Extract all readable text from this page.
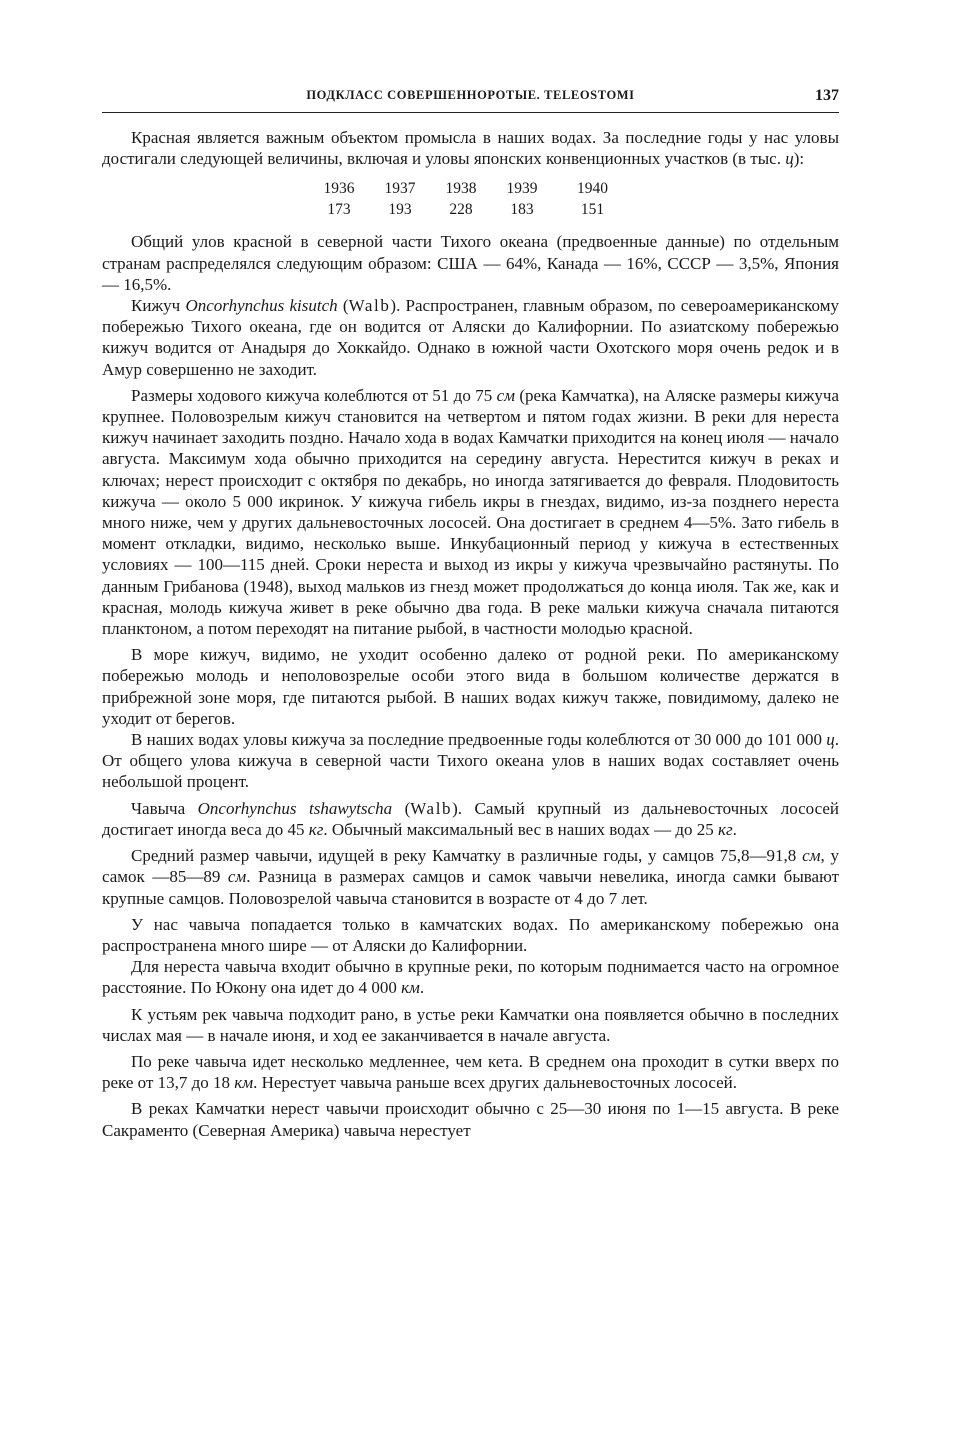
ПОДКЛАСС СОВЕРШЕННОРОТЫЕ. TELEOSTOMI	137

Красная является важным объектом промысла в наших водах. За последние годы у нас уловы достигали следующей величины, включая и уловы японских конвенционных участков (в тыс. ц):

1936	1937	1938	1939	1940
173	193	228	183	151

Общий улов красной в северной части Тихого океана (предвоенные данные) по отдельным странам распределялся следующим образом: США — 64%, Канада — 16%, СССР — 3,5%, Япония — 16,5%.

Кижуч Oncorhynchus kisutch (Walb). Распространен, главным образом, по североамериканскому побережью Тихого океана, где он водится от Аляски до Калифорнии. По азиатскому побережью кижуч водится от Анадыря до Хоккайдо. Однако в южной части Охотского моря очень редок и в Амур совершенно не заходит.

Размеры ходового кижуча колеблются от 51 до 75 см (река Камчатка), на Аляске размеры кижуча крупнее. Половозрелым кижуч становится на четвертом и пятом годах жизни. В реки для нереста кижуч начинает заходить поздно. Начало хода в водах Камчатки приходится на конец июля — начало августа. Максимум хода обычно приходится на середину августа. Нерестится кижуч в реках и ключах; нерест происходит с октября по декабрь, но иногда затягивается до февраля. Плодовитость кижуча — около 5 000 икринок. У кижуча гибель икры в гнездах, видимо, из-за позднего нереста много ниже, чем у других дальневосточных лососей. Она достигает в среднем 4—5%. Зато гибель в момент откладки, видимо, несколько выше. Инкубационный период у кижуча в естественных условиях — 100—115 дней. Сроки нереста и выход из икры у кижуча чрезвычайно растянуты. По данным Грибанова (1948), выход мальков из гнезд может продолжаться до конца июля. Так же, как и красная, молодь кижуча живет в реке обычно два года. В реке мальки кижуча сначала питаются планктоном, а потом переходят на питание рыбой, в частности молодью красной.

В море кижуч, видимо, не уходит особенно далеко от родной реки. По американскому побережью молодь и неполовозрелые особи этого вида в большом количестве держатся в прибрежной зоне моря, где питаются рыбой. В наших водах кижуч также, повидимому, далеко не уходит от берегов.

В наших водах уловы кижуча за последние предвоенные годы колеблются от 30 000 до 101 000 ц. От общего улова кижуча в северной части Тихого океана улов в наших водах составляет очень небольшой процент.

Чавыча Oncorhynchus tshawytscha (Walb). Самый крупный из дальневосточных лососей достигает иногда веса до 45 кг. Обычный максимальный вес в наших водах — до 25 кг.

Средний размер чавычи, идущей в реку Камчатку в различные годы, у самцов 75,8—91,8 см, у самок —85—89 см. Разница в размерах самцов и самок чавычи невелика, иногда самки бывают крупные самцов. Половозрелой чавыча становится в возрасте от 4 до 7 лет.

У нас чавыча попадается только в камчатских водах. По американскому побережью она распространена много шире — от Аляски до Калифорнии.

Для нереста чавыча входит обычно в крупные реки, по которым поднимается часто на огромное расстояние. По Юкону она идет до 4 000 км.

К устьям рек чавыча подходит рано, в устье реки Камчатки она появляется обычно в последних числах мая — в начале июня, и ход ее заканчивается в начале августа.

По реке чавыча идет несколько медленнее, чем кета. В среднем она проходит в сутки вверх по реке от 13,7 до 18 км. Нерестует чавыча раньше всех других дальневосточных лососей.

В реках Камчатки нерест чавычи происходит обычно с 25—30 июня по 1—15 августа. В реке Сакраменто (Северная Америка) чавыча нерестует
